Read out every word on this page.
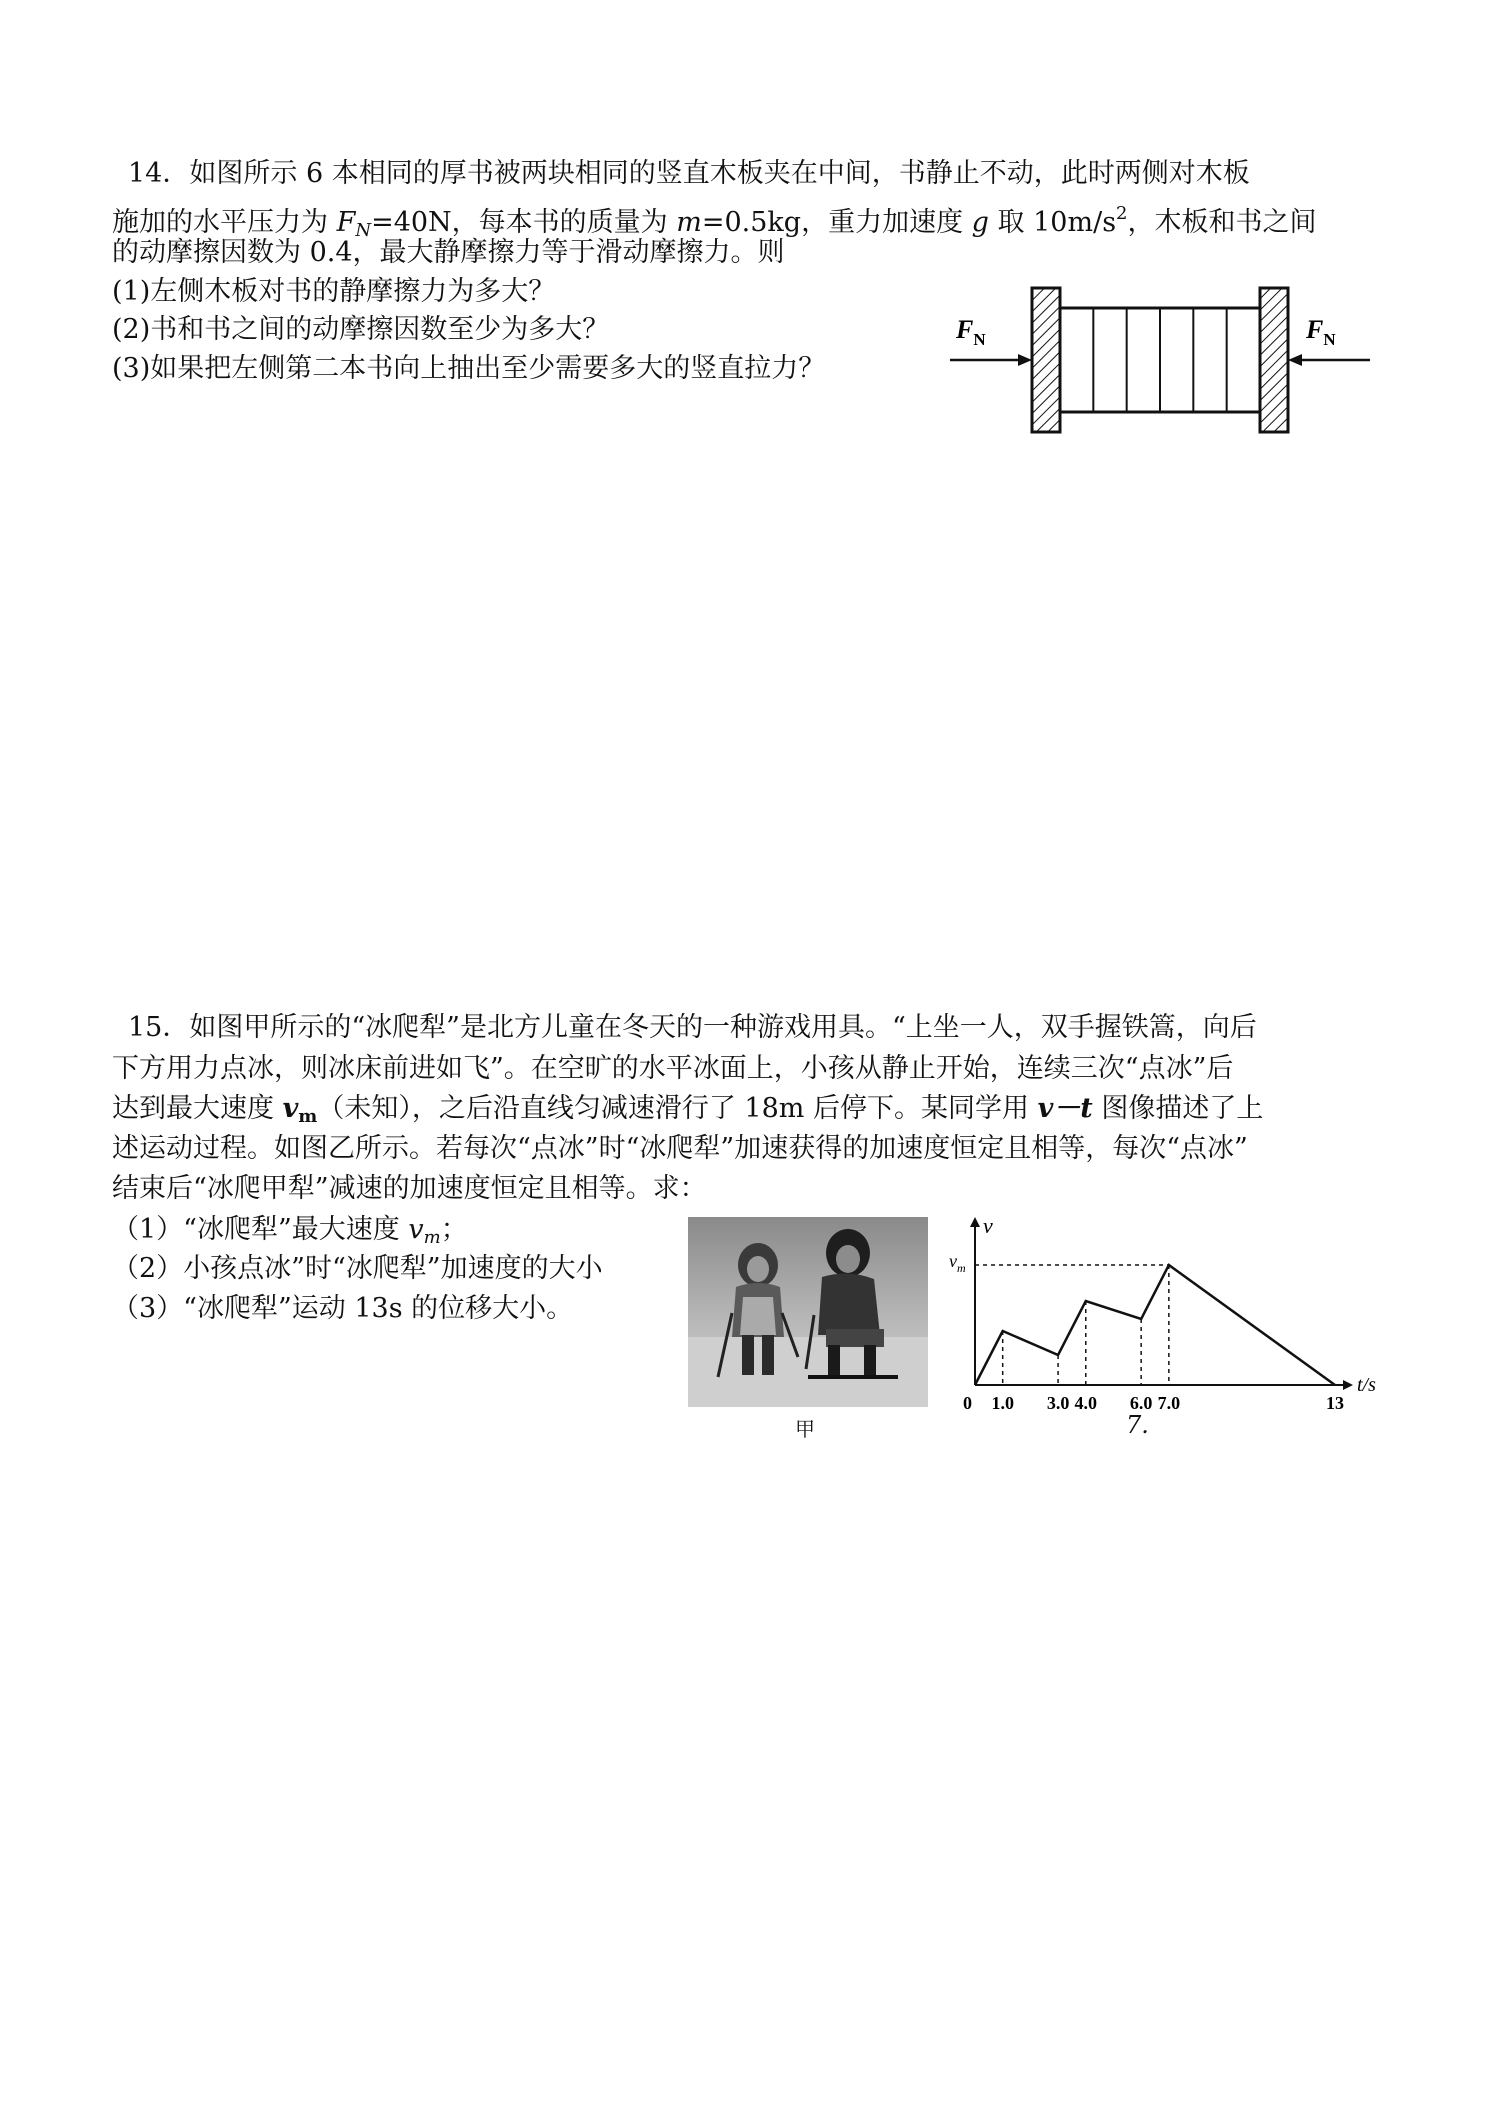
14．如图所示 6 本相同的厚书被两块相同的竖直木板夹在中间，书静止不动，此时两侧对木板
施加的水平压力为 $F_N=40N$，每本书的质量为 m=0.5kg，重力加速度 g 取 $10m/s^2$，木板和书之间
的动摩擦因数为 0.4，最大静摩擦力等于滑动摩擦力。则
(1)左侧木板对书的静摩擦力为多大？
(2)书和书之间的动摩擦因数至少为多大？
(3)如果把左侧第二本书向上抽出至少需要多大的竖直拉力？
$F_N$	$F_N$
15．如图甲所示的“冰爬犁”是北方儿童在冬天的一种游戏用具。“上坐一人，双手握铁篙，向后
下方用力点冰，则冰床前进如飞”。在空旷的水平冰面上，小孩从静止开始，连续三次“点冰”后
达到最大速度 $v_m$（未知），之后沿直线匀减速滑行了 18m 后停下。某同学用 v－t 图像描述了上
述运动过程。如图乙所示。若每次“点冰”时“冰爬犁”加速获得的加速度恒定且相等，每次“点冰”
结束后“冰爬甲犁”减速的加速度恒定且相等。求：
（1）“冰爬犁”最大速度 $v_m$；
（2）小孩点冰”时“冰爬犁”加速度的大小
（3）“冰爬犁”运动 13s 的位移大小。
甲
0 1.0 3.0 4.0 6.0 7.0	13
t/s
v
$v_m$
7.
